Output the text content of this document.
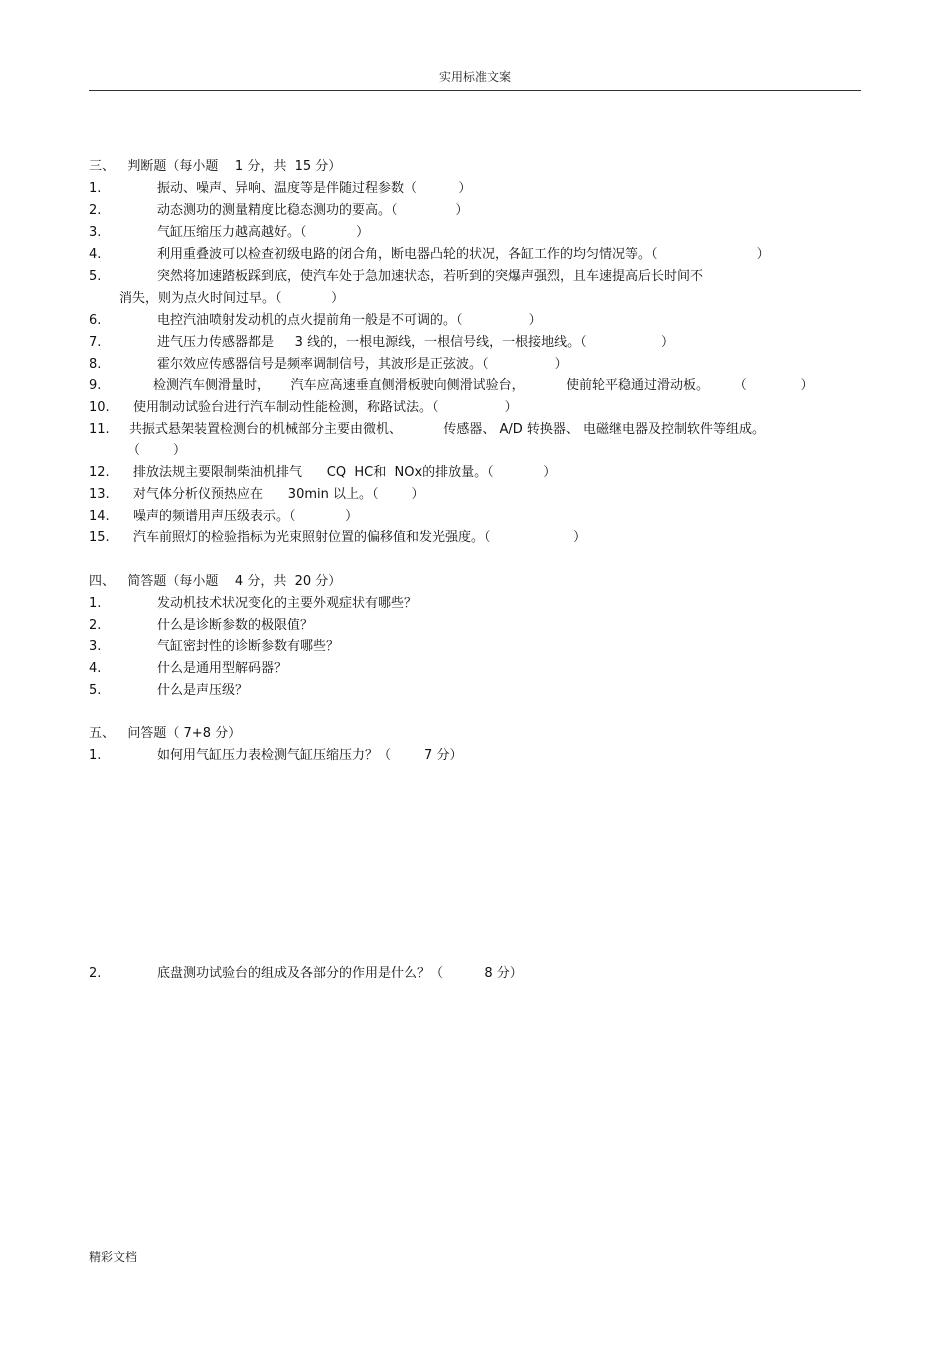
实用标准文案
三、   判断题（每小题    1 分，共  15 分）
1.	振动、噪声、异响、温度等是伴随过程参数（          ）
2.	动态测功的测量精度比稳态测功的要高。（              ）
3.	气缸压缩压力越高越好。（            ）
4.	利用重叠波可以检查初级电路的闭合角，断电器凸轮的状况，各缸工作的均匀情况等。（                        ）
5.	突然将加速踏板踩到底，使汽车处于急加速状态，若听到的突爆声强烈，且车速提高后长时间不
消失，则为点火时间过早。（            ）
6.	电控汽油喷射发动机的点火提前角一般是不可调的。（                ）
7.	进气压力传感器都是     3 线的，一根电源线，一根信号线，一根接地线。（                  ）
8.	霍尔效应传感器信号是频率调制信号，其波形是正弦波。（                ）
9.	检测汽车侧滑量时，     汽车应高速垂直侧滑板驶向侧滑试验台，          使前轮平稳通过滑动板。      （             ）
10. 使用制动试验台进行汽车制动性能检测，称路试法。（                ）
11. 共振式悬架装置检测台的机械部分主要由微机、          传感器、 A/D 转换器、 电磁继电器及控制软件等组成。
（        ）
12. 排放法规主要限制柴油机排气      CQ  HC和  NOx的排放量。（            ）
13. 对气体分析仪预热应在      30min 以上。（        ）
14. 噪声的频谱用声压级表示。（            ）
15. 汽车前照灯的检验指标为光束照射位置的偏移值和发光强度。（                    ）
四、   简答题（每小题    4 分，共  20 分）
1.	发动机技术状况变化的主要外观症状有哪些？
2.	什么是诊断参数的极限值？
3.	气缸密封性的诊断参数有哪些？
4.	什么是通用型解码器？
5.	什么是声压级？
五、   问答题（ 7+8 分）
1.	如何用气缸压力表检测气缸压缩压力？（        7 分）
2.	底盘测功试验台的组成及各部分的作用是什么？（          8 分）
精彩文档
